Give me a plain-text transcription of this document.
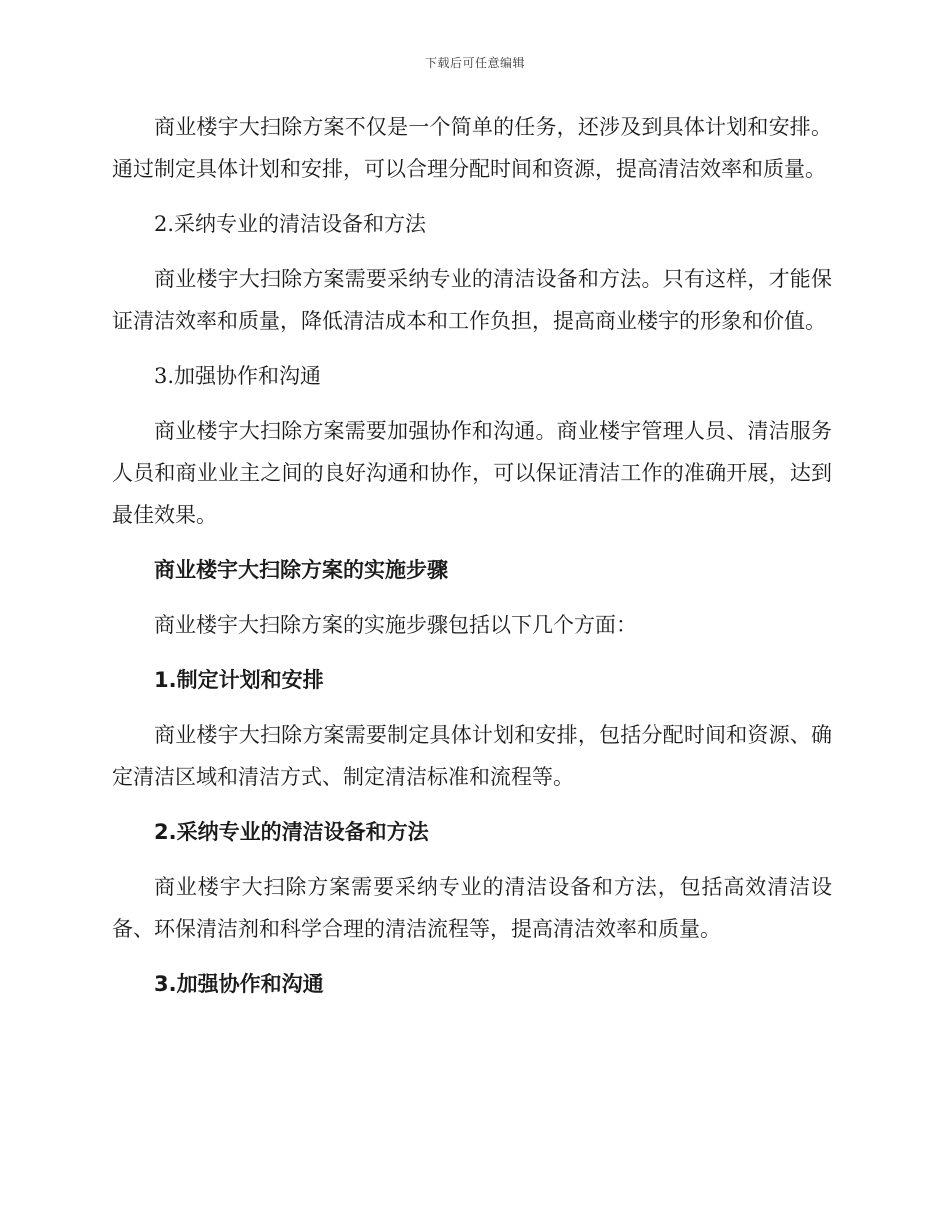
下载后可任意编辑

商业楼宇大扫除方案不仅是一个简单的任务，还涉及到具体计划和安排。通过制定具体计划和安排，可以合理分配时间和资源，提高清洁效率和质量。

2.采纳专业的清洁设备和方法

商业楼宇大扫除方案需要采纳专业的清洁设备和方法。只有这样，才能保证清洁效率和质量，降低清洁成本和工作负担，提高商业楼宇的形象和价值。

3.加强协作和沟通

商业楼宇大扫除方案需要加强协作和沟通。商业楼宇管理人员、清洁服务人员和商业业主之间的良好沟通和协作，可以保证清洁工作的准确开展，达到最佳效果。

商业楼宇大扫除方案的实施步骤

商业楼宇大扫除方案的实施步骤包括以下几个方面：

1.制定计划和安排

商业楼宇大扫除方案需要制定具体计划和安排，包括分配时间和资源、确定清洁区域和清洁方式、制定清洁标准和流程等。

2.采纳专业的清洁设备和方法

商业楼宇大扫除方案需要采纳专业的清洁设备和方法，包括高效清洁设备、环保清洁剂和科学合理的清洁流程等，提高清洁效率和质量。

3.加强协作和沟通
